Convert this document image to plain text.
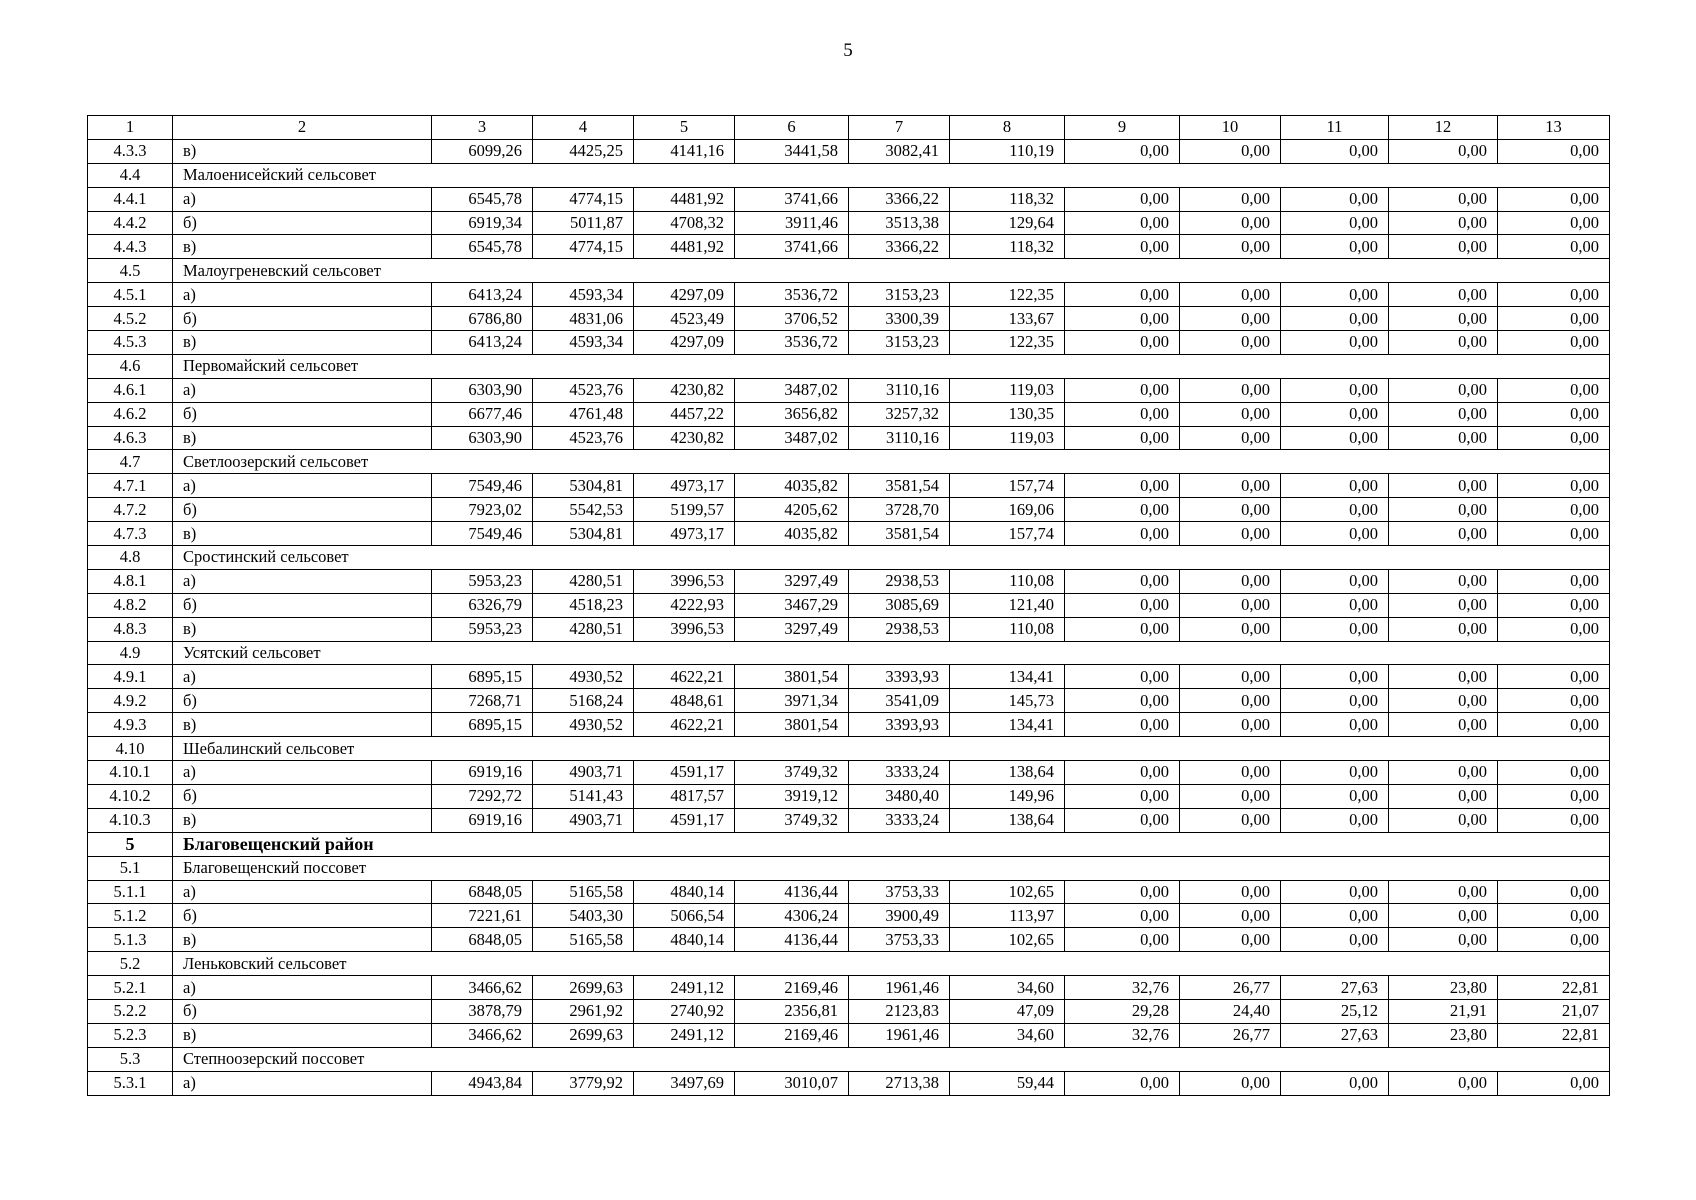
5
1	2	3	4	5	6	7	8	9	10	11	12	13
4.3.3	в)	6099,26	4425,25	4141,16	3441,58	3082,41	110,19	0,00	0,00	0,00	0,00	0,00
4.4	Малоенисейский сельсовет											
4.4.1	а)	6545,78	4774,15	4481,92	3741,66	3366,22	118,32	0,00	0,00	0,00	0,00	0,00
4.4.2	б)	6919,34	5011,87	4708,32	3911,46	3513,38	129,64	0,00	0,00	0,00	0,00	0,00
4.4.3	в)	6545,78	4774,15	4481,92	3741,66	3366,22	118,32	0,00	0,00	0,00	0,00	0,00
4.5	Малоугреневский сельсовет											
4.5.1	а)	6413,24	4593,34	4297,09	3536,72	3153,23	122,35	0,00	0,00	0,00	0,00	0,00
4.5.2	б)	6786,80	4831,06	4523,49	3706,52	3300,39	133,67	0,00	0,00	0,00	0,00	0,00
4.5.3	в)	6413,24	4593,34	4297,09	3536,72	3153,23	122,35	0,00	0,00	0,00	0,00	0,00
4.6	Первомайский сельсовет											
4.6.1	а)	6303,90	4523,76	4230,82	3487,02	3110,16	119,03	0,00	0,00	0,00	0,00	0,00
4.6.2	б)	6677,46	4761,48	4457,22	3656,82	3257,32	130,35	0,00	0,00	0,00	0,00	0,00
4.6.3	в)	6303,90	4523,76	4230,82	3487,02	3110,16	119,03	0,00	0,00	0,00	0,00	0,00
4.7	Светлоозерский сельсовет											
4.7.1	а)	7549,46	5304,81	4973,17	4035,82	3581,54	157,74	0,00	0,00	0,00	0,00	0,00
4.7.2	б)	7923,02	5542,53	5199,57	4205,62	3728,70	169,06	0,00	0,00	0,00	0,00	0,00
4.7.3	в)	7549,46	5304,81	4973,17	4035,82	3581,54	157,74	0,00	0,00	0,00	0,00	0,00
4.8	Сростинский сельсовет											
4.8.1	а)	5953,23	4280,51	3996,53	3297,49	2938,53	110,08	0,00	0,00	0,00	0,00	0,00
4.8.2	б)	6326,79	4518,23	4222,93	3467,29	3085,69	121,40	0,00	0,00	0,00	0,00	0,00
4.8.3	в)	5953,23	4280,51	3996,53	3297,49	2938,53	110,08	0,00	0,00	0,00	0,00	0,00
4.9	Усятский сельсовет											
4.9.1	а)	6895,15	4930,52	4622,21	3801,54	3393,93	134,41	0,00	0,00	0,00	0,00	0,00
4.9.2	б)	7268,71	5168,24	4848,61	3971,34	3541,09	145,73	0,00	0,00	0,00	0,00	0,00
4.9.3	в)	6895,15	4930,52	4622,21	3801,54	3393,93	134,41	0,00	0,00	0,00	0,00	0,00
4.10	Шебалинский сельсовет											
4.10.1	а)	6919,16	4903,71	4591,17	3749,32	3333,24	138,64	0,00	0,00	0,00	0,00	0,00
4.10.2	б)	7292,72	5141,43	4817,57	3919,12	3480,40	149,96	0,00	0,00	0,00	0,00	0,00
4.10.3	в)	6919,16	4903,71	4591,17	3749,32	3333,24	138,64	0,00	0,00	0,00	0,00	0,00
5	Благовещенский район											
5.1	Благовещенский поссовет											
5.1.1	а)	6848,05	5165,58	4840,14	4136,44	3753,33	102,65	0,00	0,00	0,00	0,00	0,00
5.1.2	б)	7221,61	5403,30	5066,54	4306,24	3900,49	113,97	0,00	0,00	0,00	0,00	0,00
5.1.3	в)	6848,05	5165,58	4840,14	4136,44	3753,33	102,65	0,00	0,00	0,00	0,00	0,00
5.2	Леньковский сельсовет											
5.2.1	а)	3466,62	2699,63	2491,12	2169,46	1961,46	34,60	32,76	26,77	27,63	23,80	22,81
5.2.2	б)	3878,79	2961,92	2740,92	2356,81	2123,83	47,09	29,28	24,40	25,12	21,91	21,07
5.2.3	в)	3466,62	2699,63	2491,12	2169,46	1961,46	34,60	32,76	26,77	27,63	23,80	22,81
5.3	Степноозерский поссовет											
5.3.1	а)	4943,84	3779,92	3497,69	3010,07	2713,38	59,44	0,00	0,00	0,00	0,00	0,00
